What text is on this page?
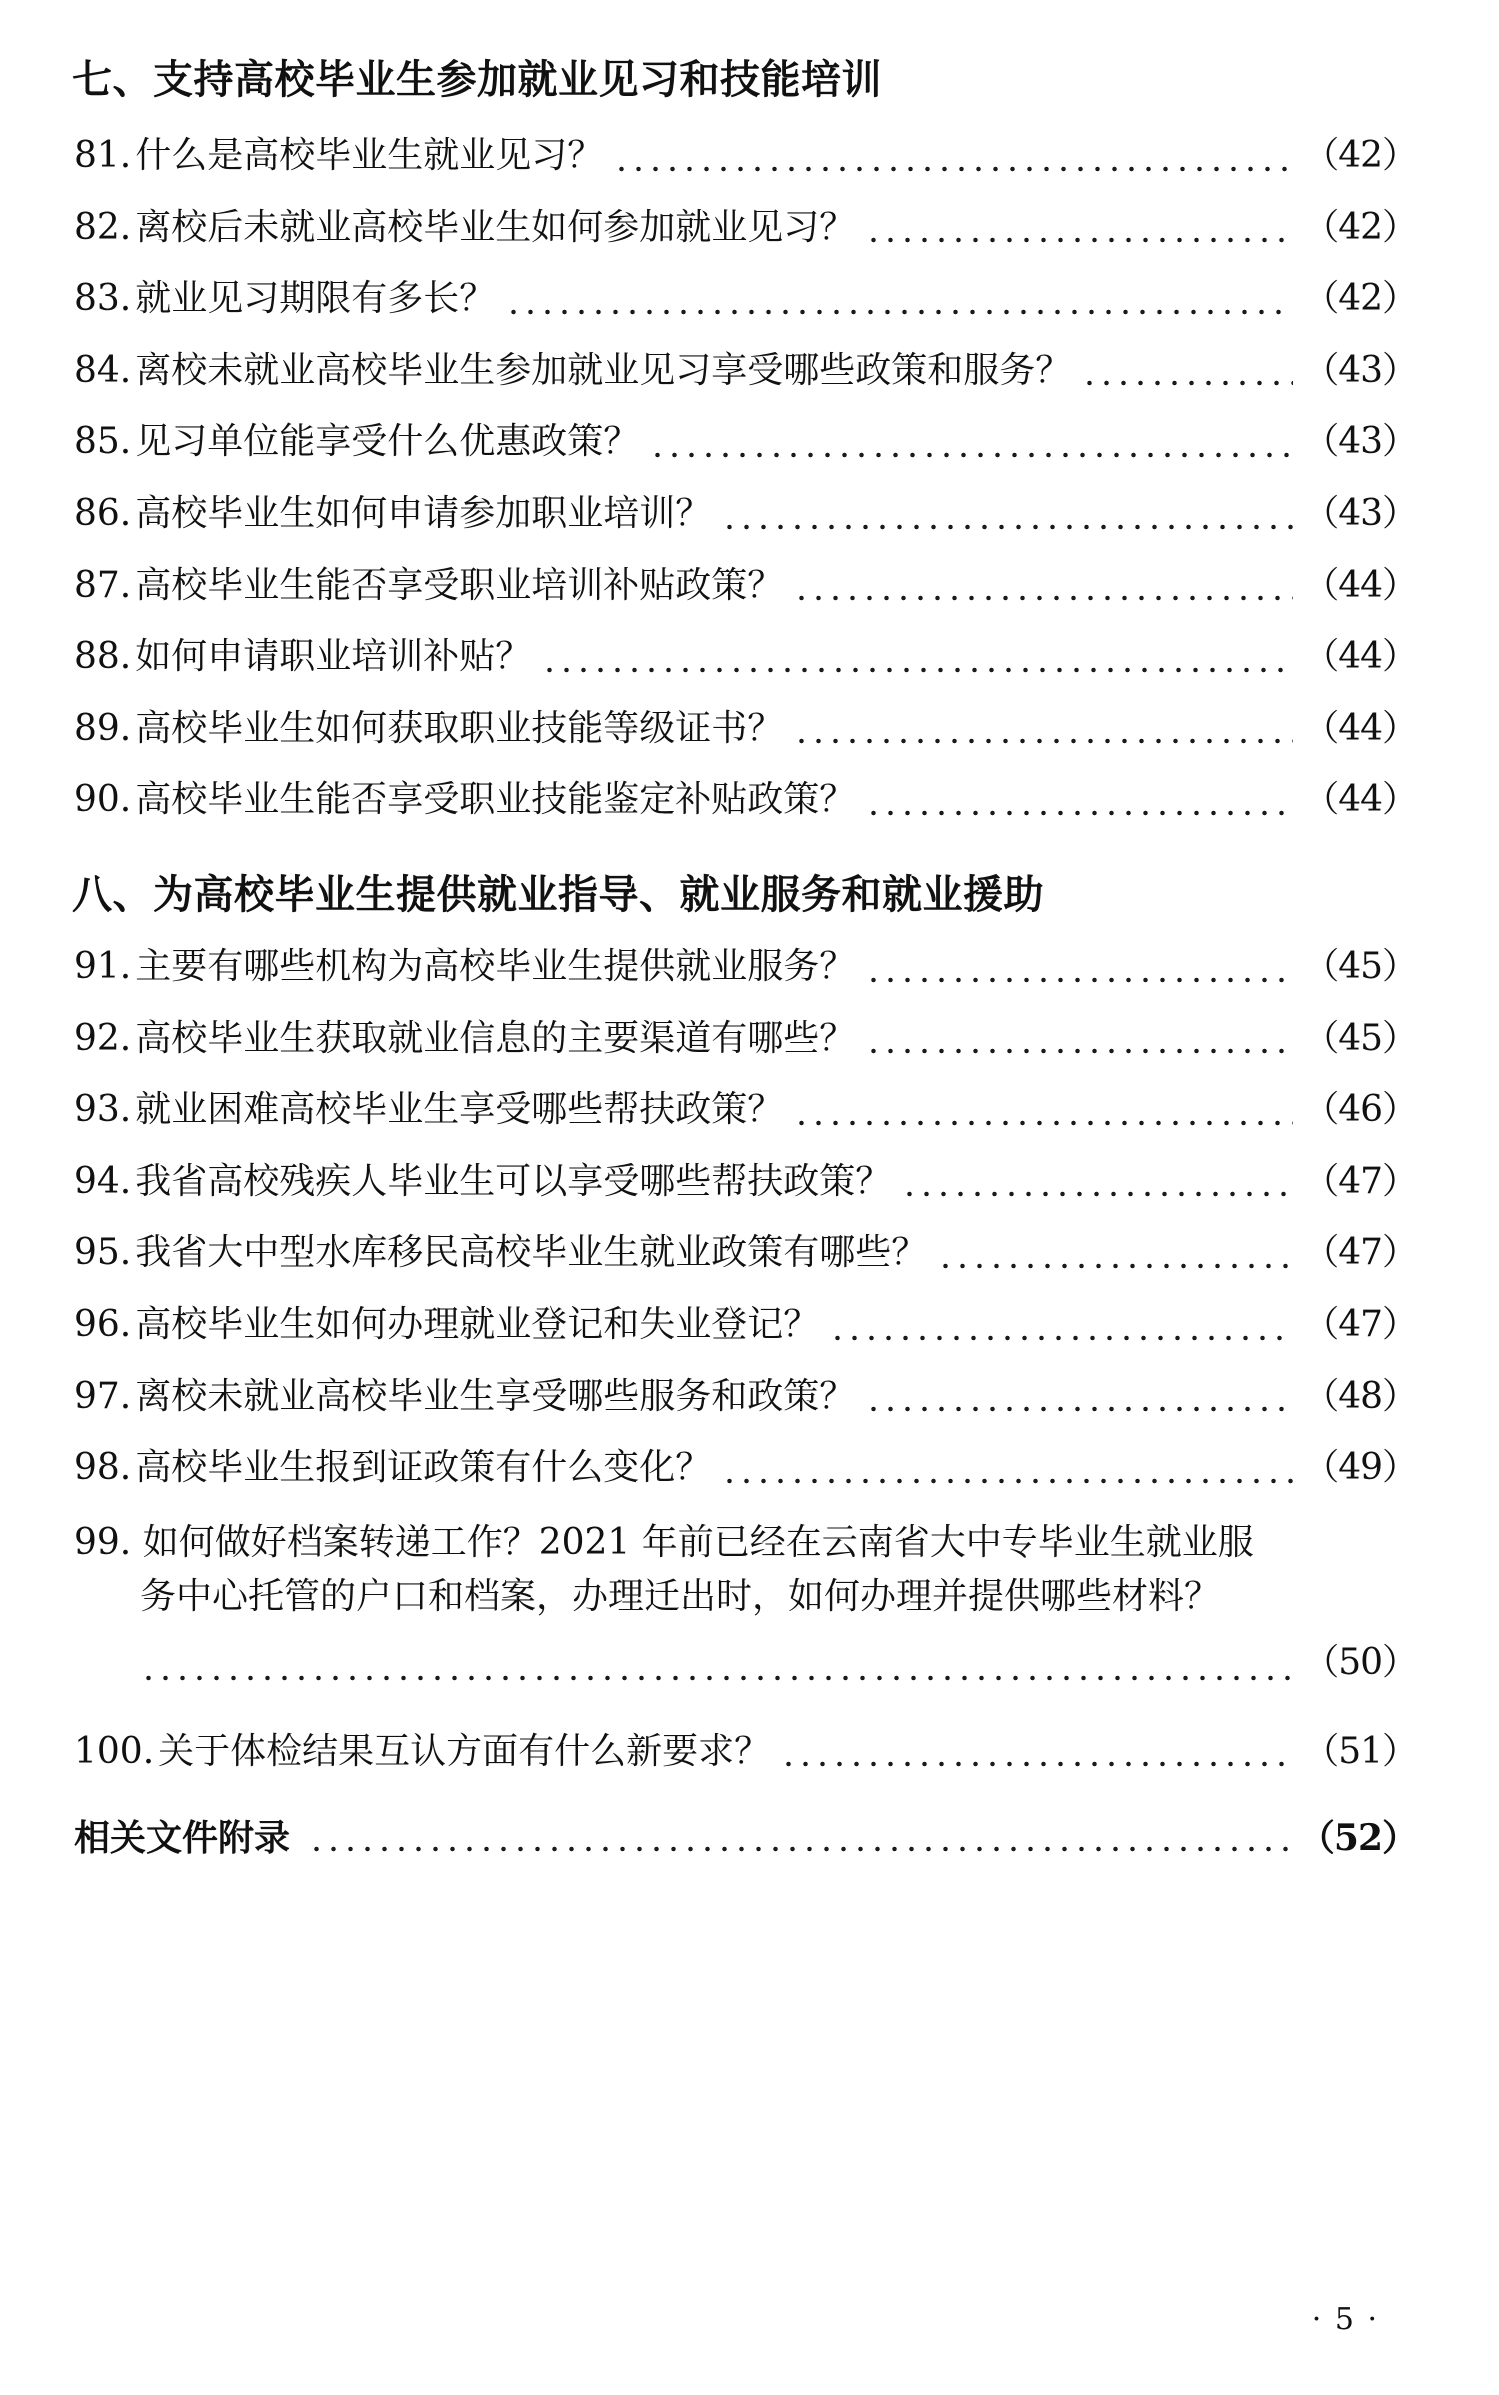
七、支持高校毕业生参加就业见习和技能培训
81. 什么是高校毕业生就业见习？	（42）
82. 离校后未就业高校毕业生如何参加就业见习？	（42）
83. 就业见习期限有多长？	（42）
84. 离校未就业高校毕业生参加就业见习享受哪些政策和服务？	（43）
85. 见习单位能享受什么优惠政策？	（43）
86. 高校毕业生如何申请参加职业培训？	（43）
87. 高校毕业生能否享受职业培训补贴政策？	（44）
88. 如何申请职业培训补贴？	（44）
89. 高校毕业生如何获取职业技能等级证书？	（44）
90. 高校毕业生能否享受职业技能鉴定补贴政策？	（44）
八、为高校毕业生提供就业指导、就业服务和就业援助
91. 主要有哪些机构为高校毕业生提供就业服务？	（45）
92. 高校毕业生获取就业信息的主要渠道有哪些？	（45）
93. 就业困难高校毕业生享受哪些帮扶政策？	（46）
94. 我省高校残疾人毕业生可以享受哪些帮扶政策？	（47）
95. 我省大中型水库移民高校毕业生就业政策有哪些？	（47）
96. 高校毕业生如何办理就业登记和失业登记？	（47）
97. 离校未就业高校毕业生享受哪些服务和政策？	（48）
98. 高校毕业生报到证政策有什么变化？	（49）
99. 如何做好档案转递工作？2021 年前已经在云南省大中专毕业生就业服
务中心托管的户口和档案，办理迁出时，如何办理并提供哪些材料？
（50）
100. 关于体检结果互认方面有什么新要求？	（51）
相关文件附录	（52）
· 5 ·
